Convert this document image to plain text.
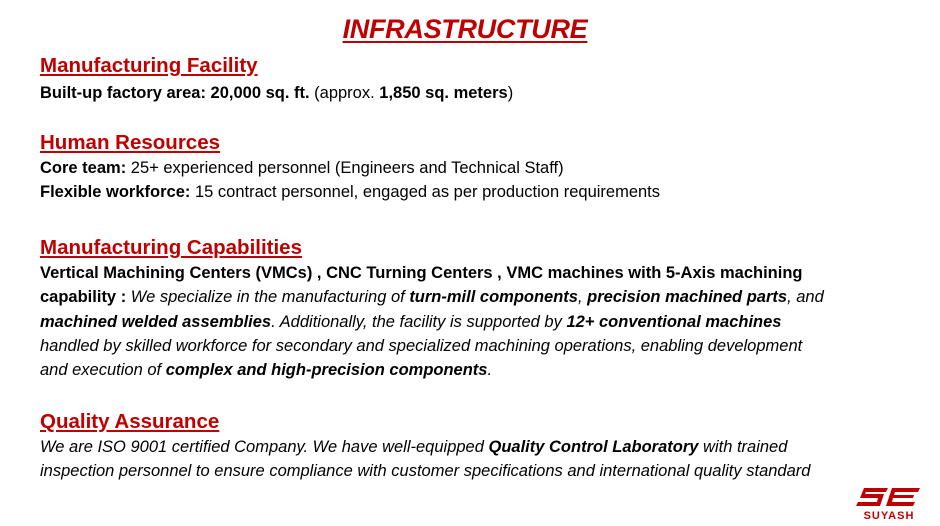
INFRASTRUCTURE
Manufacturing Facility
Built-up factory area: 20,000 sq. ft. (approx. 1,850 sq. meters)
Human Resources
Core team: 25+ experienced personnel (Engineers and Technical Staff)
Flexible workforce: 15 contract personnel, engaged as per production requirements
Manufacturing Capabilities
Vertical Machining Centers (VMCs) , CNC Turning Centers , VMC machines with 5-Axis machining
capability : We specialize in the manufacturing of turn-mill components, precision machined parts, and
machined welded assemblies. Additionally, the facility is supported by 12+ conventional machines
handled by skilled workforce for secondary and specialized machining operations, enabling development
and execution of complex and high-precision components.
Quality Assurance
We are ISO 9001 certified Company. We have well-equipped Quality Control Laboratory with trained
inspection personnel to ensure compliance with customer specifications and international quality standard
SUYASH
